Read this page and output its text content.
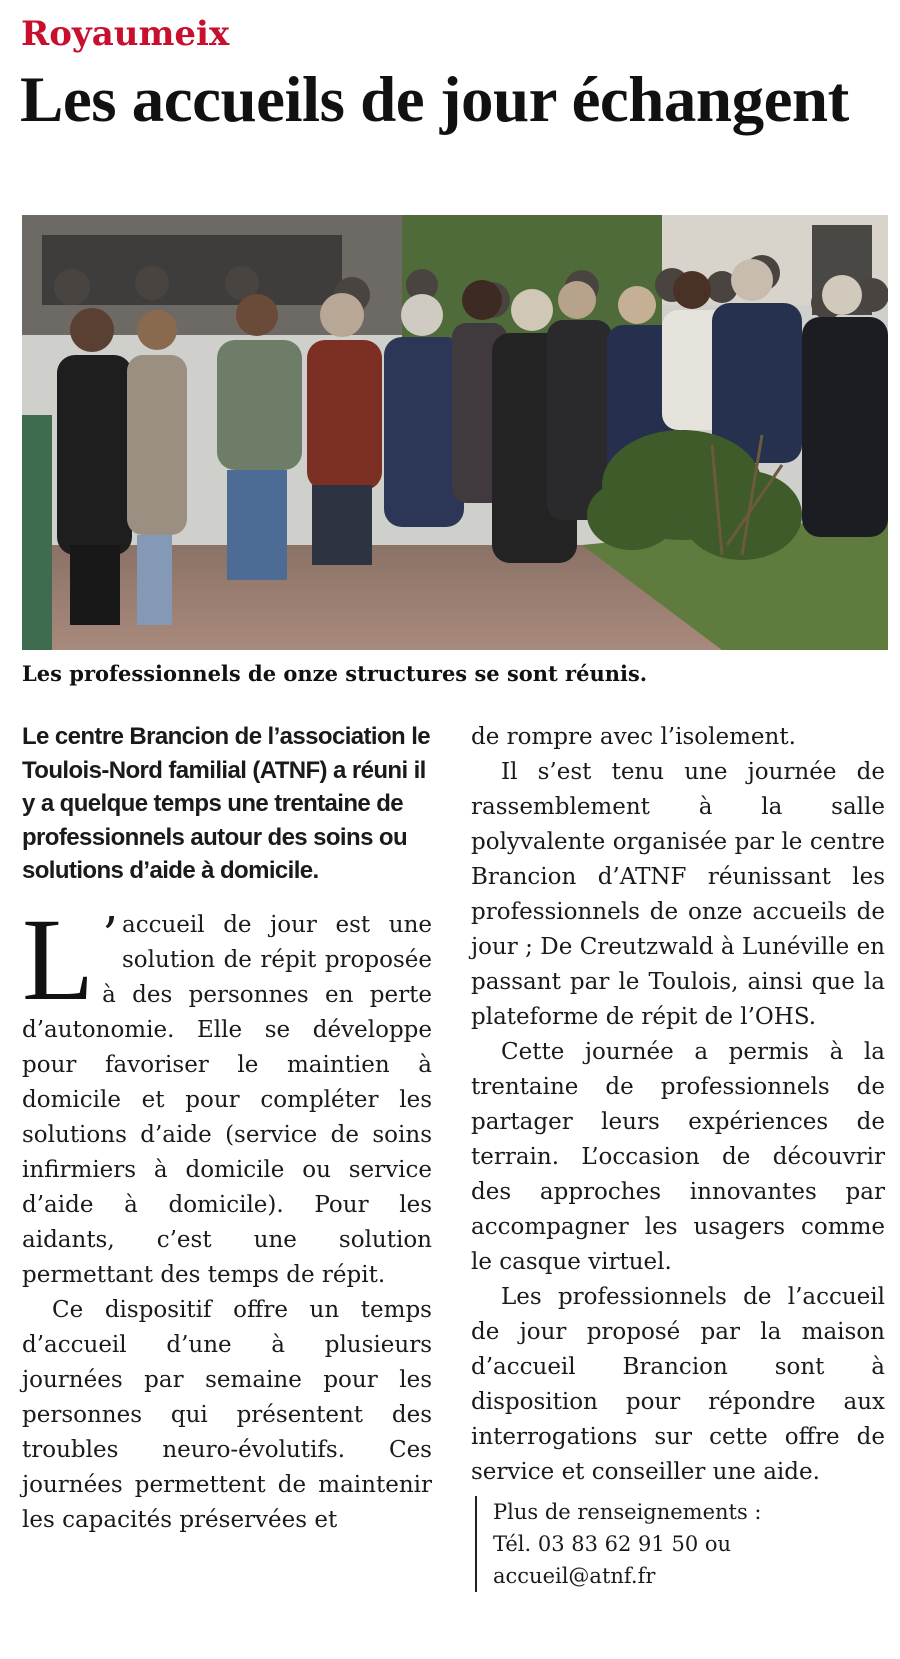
Royaumeix
Les accueils de jour échangent
Les professionnels de onze structures se sont réunis.

Le centre Brancion de l’association le Toulois-Nord familial (ATNF) a réuni il y a quelque temps une trentaine de professionnels autour des soins ou solutions d’aide à domicile.

L ’ accueil de jour est une solution de répit proposée à des personnes en perte d’autonomie. Elle se développe pour favoriser le maintien à domicile et pour compléter les solutions d’aide (service de soins infirmiers à domicile ou service d’aide à domicile). Pour les aidants, c’est une solution permettant des temps de répit.

Ce dispositif offre un temps d’accueil d’une à plusieurs journées par semaine pour les personnes qui présentent des troubles neuro-évolutifs. Ces journées permettent de maintenir les capacités préservées et

de rompre avec l’isolement.

Il s’est tenu une journée de rassemblement à la salle polyvalente organisée par le centre Brancion d’ATNF réunissant les professionnels de onze accueils de jour ; De Creutzwald à Lunéville en passant par le Toulois, ainsi que la plateforme de répit de l’OHS.

Cette journée a permis à la trentaine de professionnels de partager leurs expériences de terrain. L’occasion de découvrir des approches innovantes par accompagner les usagers comme le casque virtuel.

Les professionnels de l’accueil de jour proposé par la maison d’accueil Brancion sont à disposition pour répondre aux interrogations sur cette offre de service et conseiller une aide.

Plus de renseignements :
Tél. 03 83 62 91 50 ou accueil@atnf.fr
